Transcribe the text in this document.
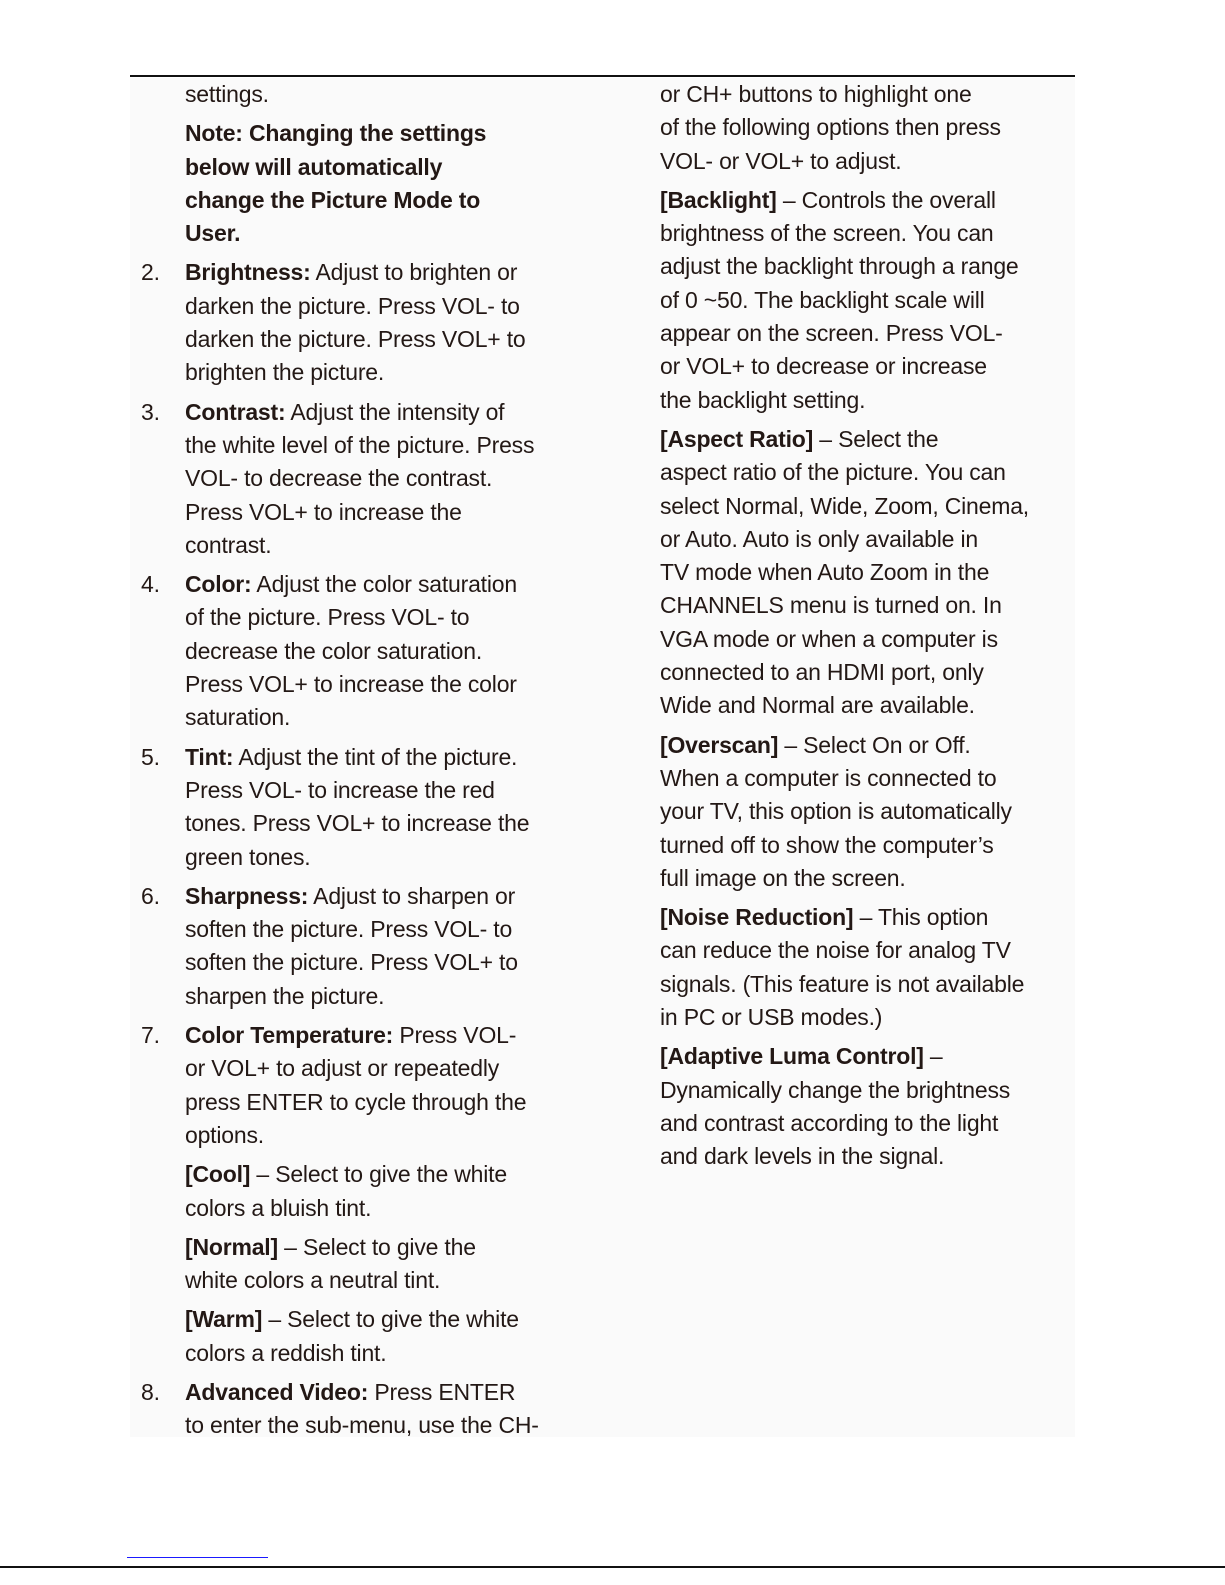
settings.
Note: Changing the settings
below will automatically
change the Picture Mode to
User.
2. Brightness: Adjust to brighten or
darken the picture. Press VOL- to
darken the picture. Press VOL+ to
brighten the picture.
3. Contrast: Adjust the intensity of
the white level of the picture. Press
VOL- to decrease the contrast.
Press VOL+ to increase the
contrast.
4. Color: Adjust the color saturation
of the picture. Press VOL- to
decrease the color saturation.
Press VOL+ to increase the color
saturation.
5. Tint: Adjust the tint of the picture.
Press VOL- to increase the red
tones. Press VOL+ to increase the
green tones.
6. Sharpness: Adjust to sharpen or
soften the picture. Press VOL- to
soften the picture. Press VOL+ to
sharpen the picture.
7. Color Temperature: Press VOL-
or VOL+ to adjust or repeatedly
press ENTER to cycle through the
options.
[Cool] – Select to give the white
colors a bluish tint.
[Normal] – Select to give the
white colors a neutral tint.
[Warm] – Select to give the white
colors a reddish tint.
8. Advanced Video: Press ENTER
to enter the sub-menu, use the CH-
or CH+ buttons to highlight one
of the following options then press
VOL- or VOL+ to adjust.
[Backlight] – Controls the overall
brightness of the screen. You can
adjust the backlight through a range
of 0 ~50. The backlight scale will
appear on the screen. Press VOL-
or VOL+ to decrease or increase
the backlight setting.
[Aspect Ratio] – Select the
aspect ratio of the picture. You can
select Normal, Wide, Zoom, Cinema,
or Auto. Auto is only available in
TV mode when Auto Zoom in the
CHANNELS menu is turned on. In
VGA mode or when a computer is
connected to an HDMI port, only
Wide and Normal are available.
[Overscan] – Select On or Off.
When a computer is connected to
your TV, this option is automatically
turned off to show the computer’s
full image on the screen.
[Noise Reduction] – This option
can reduce the noise for analog TV
signals. (This feature is not available
in PC or USB modes.)
[Adaptive Luma Control] –
Dynamically change the brightness
and contrast according to the light
and dark levels in the signal.
